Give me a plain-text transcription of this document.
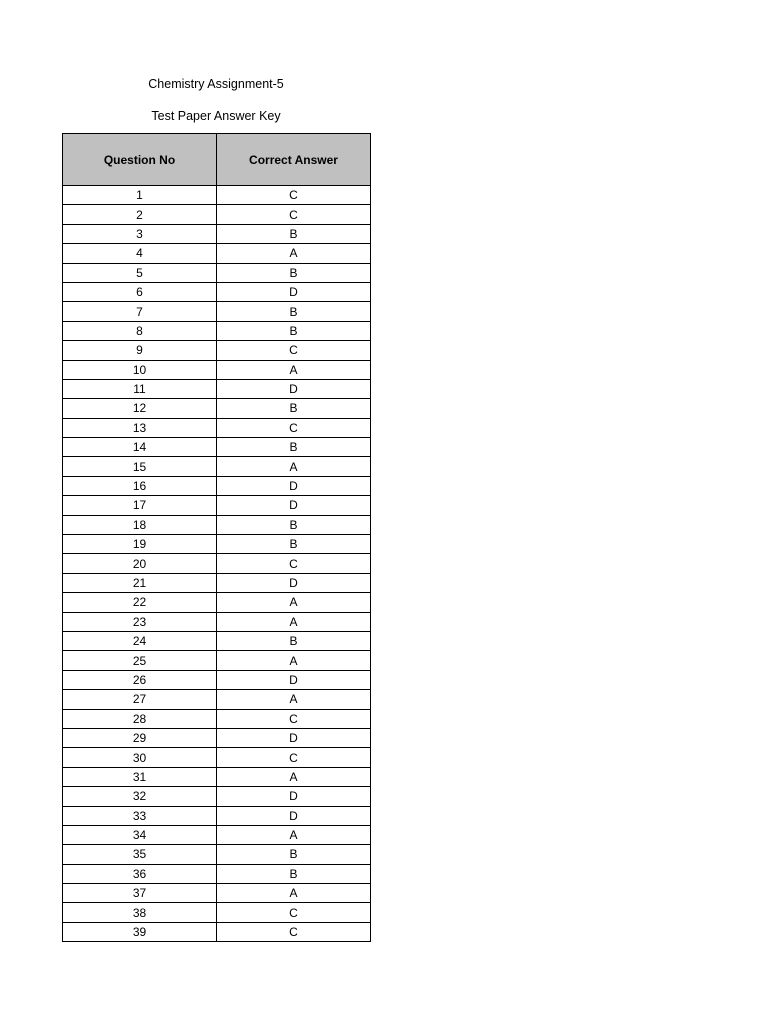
Chemistry Assignment-5
Test Paper Answer Key
Question No	Correct Answer
1	C
2	C
3	B
4	A
5	B
6	D
7	B
8	B
9	C
10	A
11	D
12	B
13	C
14	B
15	A
16	D
17	D
18	B
19	B
20	C
21	D
22	A
23	A
24	B
25	A
26	D
27	A
28	C
29	D
30	C
31	A
32	D
33	D
34	A
35	B
36	B
37	A
38	C
39	C
